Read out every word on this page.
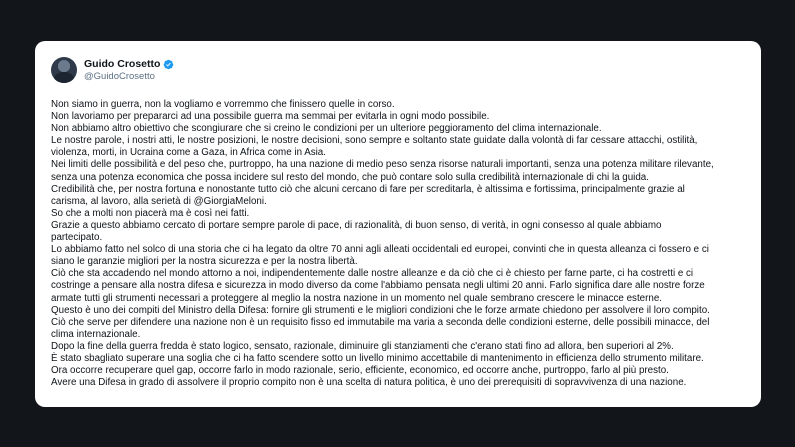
Guido Crosetto
@GuidoCrosetto

Non siamo in guerra, non la vogliamo e vorremmo che finissero quelle in corso.

Non lavoriamo per prepararci ad una possibile guerra ma semmai per evitarla in ogni modo possibile.

Non abbiamo altro obiettivo che scongiurare che si creino le condizioni per un ulteriore peggioramento del clima internazionale.

Le nostre parole, i nostri atti, le nostre posizioni, le nostre decisioni, sono sempre e soltanto state guidate dalla volontà di far cessare attacchi, ostilità,

violenza, morti, in Ucraina come a Gaza, in Africa come in Asia.

Nei limiti delle possibilità e del peso che, purtroppo, ha una nazione di medio peso senza risorse naturali importanti, senza una potenza militare rilevante,

senza una potenza economica che possa incidere sul resto del mondo, che può contare solo sulla credibilità internazionale di chi la guida.

Credibilità che, per nostra fortuna e nonostante tutto ciò che alcuni cercano di fare per screditarla, è altissima e fortissima, principalmente grazie al

carisma, al lavoro, alla serietà di @GiorgiaMeloni.

So che a molti non piacerà ma è così nei fatti.

Grazie a questo abbiamo cercato di portare sempre parole di pace, di razionalità, di buon senso, di verità, in ogni consesso al quale abbiamo

partecipato.

Lo abbiamo fatto nel solco di una storia che ci ha legato da oltre 70 anni agli alleati occidentali ed europei, convinti che in questa alleanza ci fossero e ci

siano le garanzie migliori per la nostra sicurezza e per la nostra libertà.

Ciò che sta accadendo nel mondo attorno a noi, indipendentemente dalle nostre alleanze e da ciò che ci è chiesto per farne parte, ci ha costretti e ci

costringe a pensare alla nostra difesa e sicurezza in modo diverso da come l'abbiamo pensata negli ultimi 20 anni. Farlo significa dare alle nostre forze

armate tutti gli strumenti necessari a proteggere al meglio la nostra nazione in un momento nel quale sembrano crescere le minacce esterne.

Questo è uno dei compiti del Ministro della Difesa: fornire gli strumenti e le migliori condizioni che le forze armate chiedono per assolvere il loro compito.

Ciò che serve per difendere una nazione non è un requisito fisso ed immutabile ma varia a seconda delle condizioni esterne, delle possibili minacce, del

clima internazionale.

Dopo la fine della guerra fredda è stato logico, sensato, razionale, diminuire gli stanziamenti che c'erano stati fino ad allora, ben superiori al 2%.

È stato sbagliato superare una soglia che ci ha fatto scendere sotto un livello minimo accettabile di mantenimento in efficienza dello strumento militare.

Ora occorre recuperare quel gap, occorre farlo in modo razionale, serio, efficiente, economico, ed occorre anche, purtroppo, farlo al più presto.

Avere una Difesa in grado di assolvere il proprio compito non è una scelta di natura politica, è uno dei prerequisiti di sopravvivenza di una nazione.
